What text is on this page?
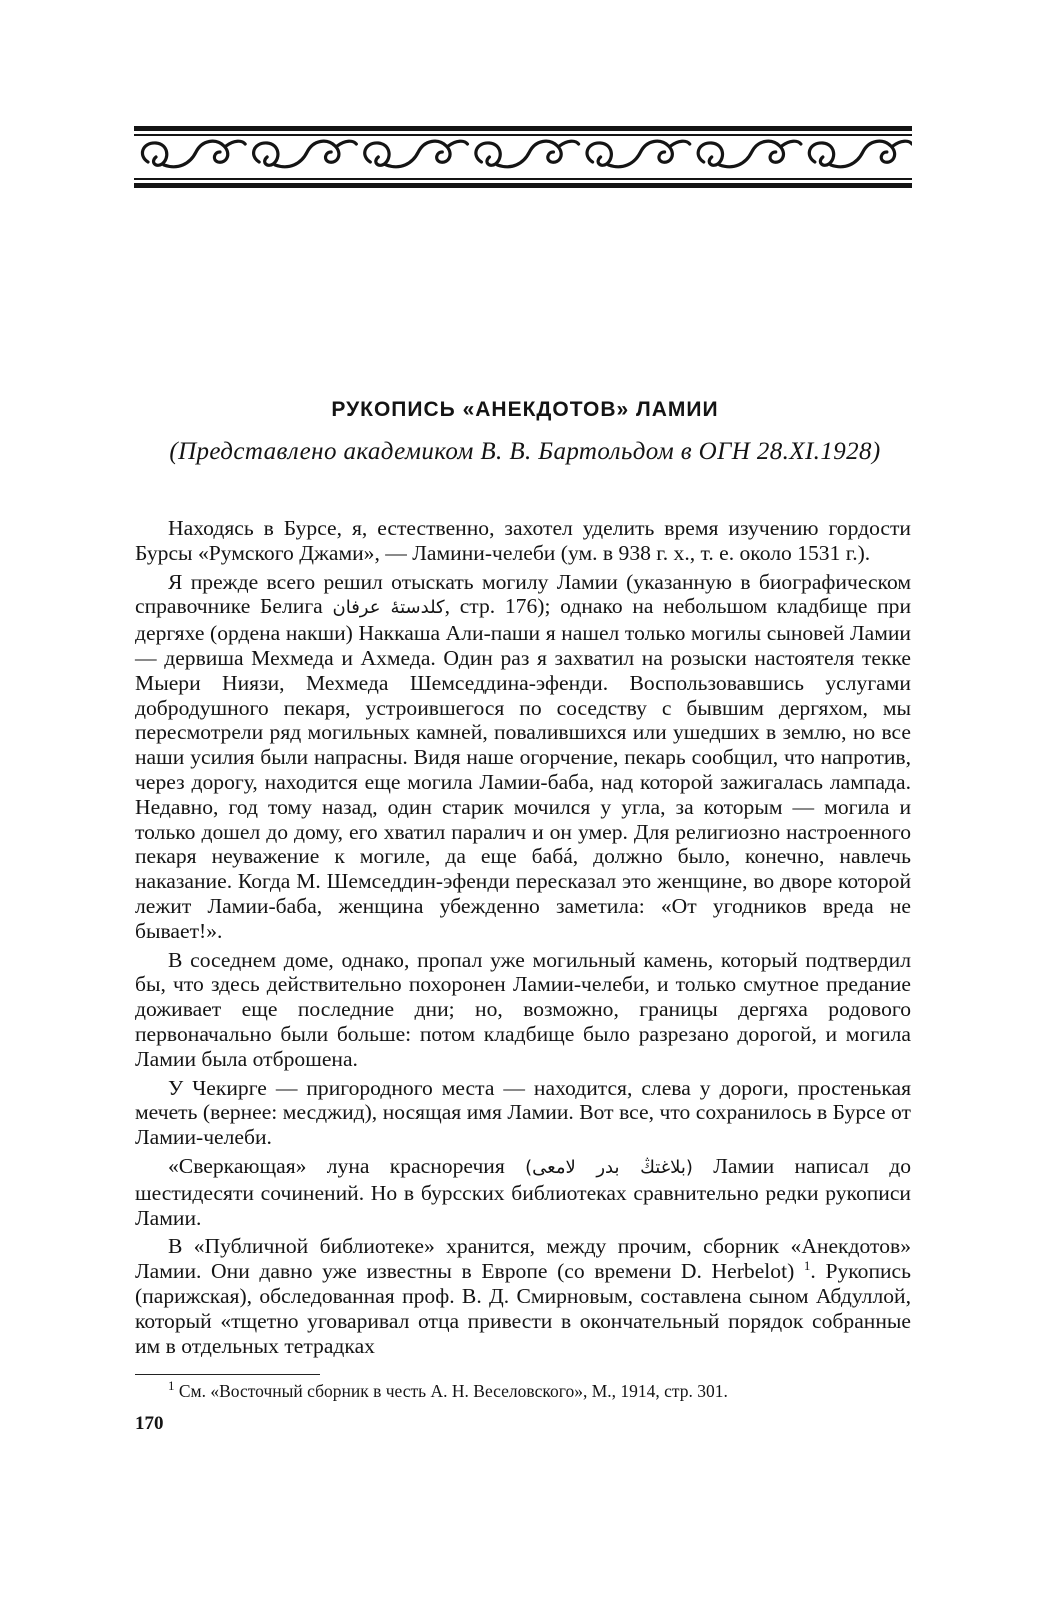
РУКОПИСЬ «АНЕКДОТОВ» ЛАМИИ
(Представлено академиком В. В. Бартольдом в ОГН 28.XI.1928)

Находясь в Бурсе, я, естественно, захотел уделить время изучению гордости Бурсы «Румского Джами», — Ламини-челеби (ум. в 938 г. х., т. е. около 1531 г.).

Я прежде всего решил отыскать могилу Ламии (указанную в биографическом справочнике Белига كلدستهٔ عرفان, стр. 176); однако на небольшом кладбище при дергяхе (ордена накши) Наккаша Али-паши я нашел только могилы сыновей Ламии — дервиша Мехмеда и Ахмеда. Один раз я захватил на розыски настоятеля текке Мыери Ниязи, Мехмеда Шемседдина-эфенди. Воспользовавшись услугами добродушного пекаря, устроившегося по соседству с бывшим дергяхом, мы пересмотрели ряд могильных камней, повалившихся или ушедших в землю, но все наши усилия были напрасны. Видя наше огорчение, пекарь сообщил, что напротив, через дорогу, находится еще могила Ламии-баба, над которой зажигалась лампада. Недавно, год тому назад, один старик мочился у угла, за которым — могила и только дошел до дому, его хватил паралич и он умер. Для религиозно настроенного пекаря неуважение к могиле, да еще бабá, должно было, конечно, навлечь наказание. Когда М. Шемседдин-эфенди пересказал это женщине, во дворе которой лежит Ламии-баба, женщина убежденно заметила: «От угодников вреда не бывает!».

В соседнем доме, однако, пропал уже могильный камень, который подтвердил бы, что здесь действительно похоронен Ламии-челеби, и только смутное предание доживает еще последние дни; но, возможно, границы дергяха родового первоначально были больше: потом кладбище было разрезано дорогой, и могила Ламии была отброшена.

У Чекирге — пригородного места — находится, слева у дороги, простенькая мечеть (вернее: месджид), носящая имя Ламии. Вот все, что сохранилось в Бурсе от Ламии-челеби.

«Сверкающая» луна красноречия (بلاغتڭ بدر لامعى) Ламии написал до шестидесяти сочинений. Но в бурсских библиотеках сравнительно редки рукописи Ламии.

В «Публичной библиотеке» хранится, между прочим, сборник «Анекдотов» Ламии. Они давно уже известны в Европе (со времени D. Herbelot) $^1$. Рукопись (парижская), обследованная проф. В. Д. Смирновым, составлена сыном Абдуллой, который «тщетно уговаривал отца привести в окончательный порядок собранные им в отдельных тетрадках

$^1$ См. «Восточный сборник в честь А. Н. Веселовского», М., 1914, стр. 301.
170
